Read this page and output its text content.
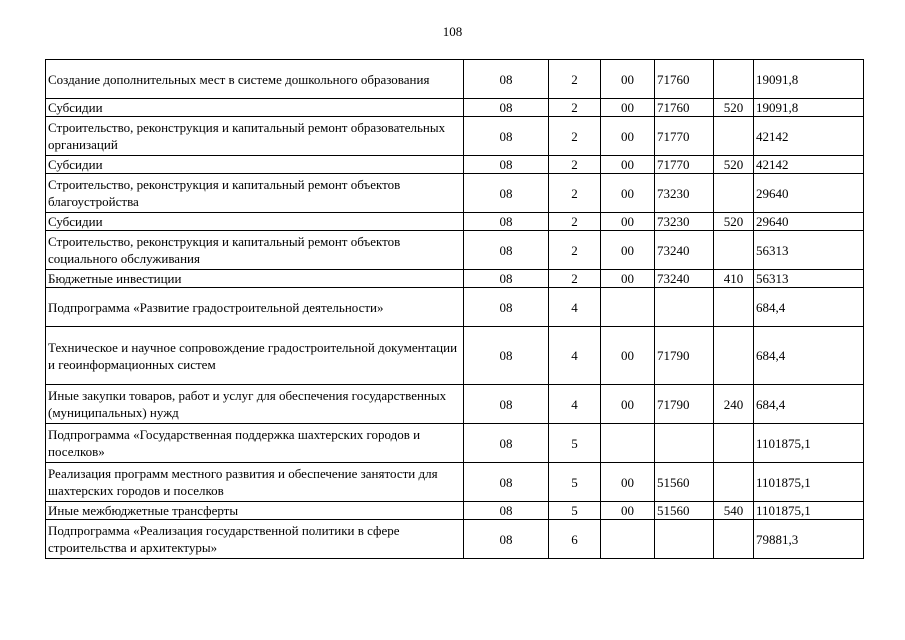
108
Создание дополнительных мест в системе дошкольного образования	08	2	00	71760		19091,8
Субсидии	08	2	00	71760	520	19091,8
Строительство, реконструкция и капитальный ремонт образовательных организаций	08	2	00	71770		42142
Субсидии	08	2	00	71770	520	42142
Строительство, реконструкция и капитальный ремонт объектов благоустройства	08	2	00	73230		29640
Субсидии	08	2	00	73230	520	29640
Строительство, реконструкция и капитальный ремонт объектов социального обслуживания	08	2	00	73240		56313
Бюджетные инвестиции	08	2	00	73240	410	56313
Подпрограмма «Развитие градостроительной деятельности»	08	4				684,4
Техническое и научное сопровождение градостроительной документации и геоинформационных систем	08	4	00	71790		684,4
Иные закупки товаров, работ и услуг для обеспечения государственных (муниципальных) нужд	08	4	00	71790	240	684,4
Подпрограмма «Государственная поддержка шахтерских городов и поселков»	08	5				1101875,1
Реализация программ местного развития и обеспечение занятости для шахтерских городов и поселков	08	5	00	51560		1101875,1
Иные межбюджетные трансферты	08	5	00	51560	540	1101875,1
Подпрограмма «Реализация государственной политики в сфере строительства и архитектуры»	08	6				79881,3
